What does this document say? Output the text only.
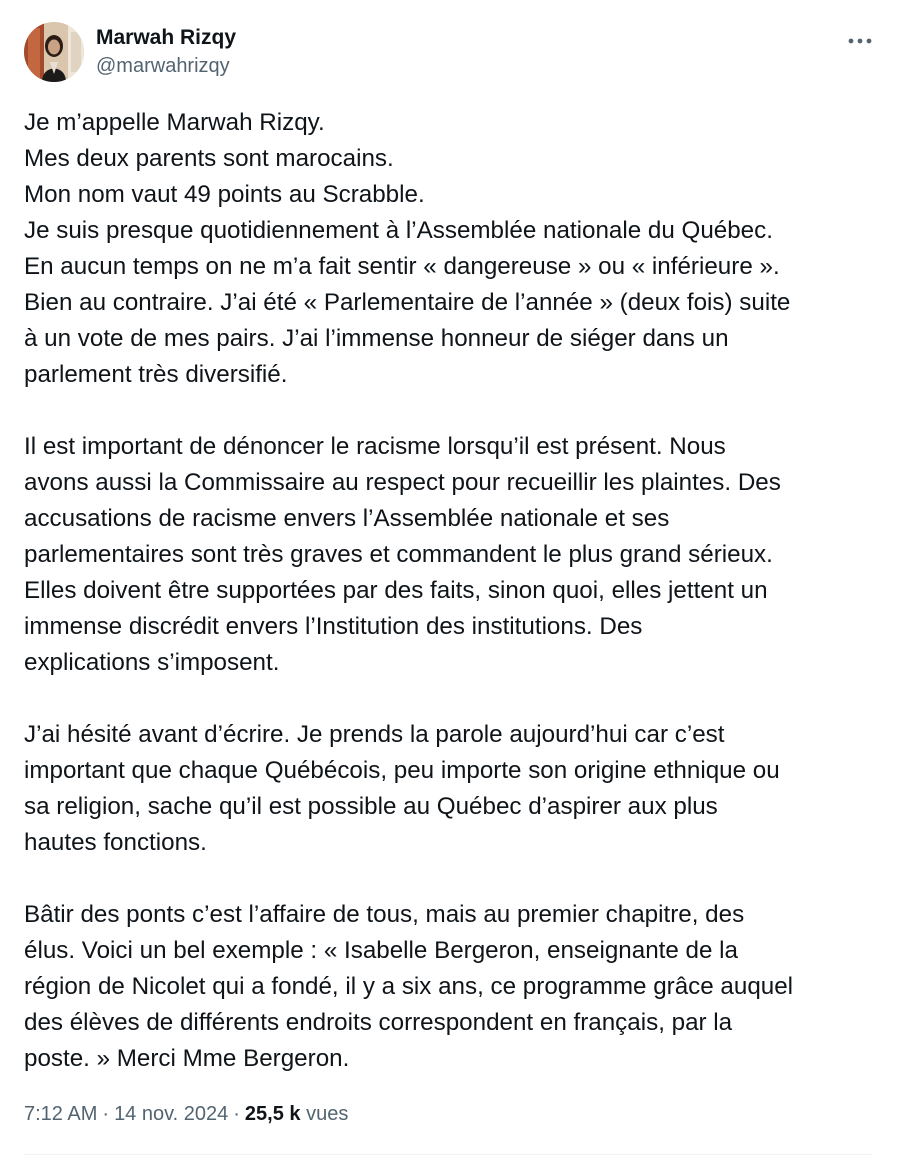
Marwah Rizqy
@marwahrizqy
Je m’appelle Marwah Rizqy.
Mes deux parents sont marocains.
Mon nom vaut 49 points au Scrabble.
Je suis presque quotidiennement à l’Assemblée nationale du Québec.
En aucun temps on ne m’a fait sentir « dangereuse » ou « inférieure ».
Bien au contraire. J’ai été « Parlementaire de l’année » (deux fois) suite
à un vote de mes pairs. J’ai l’immense honneur de siéger dans un
parlement très diversifié.
Il est important de dénoncer le racisme lorsqu’il est présent. Nous
avons aussi la Commissaire au respect pour recueillir les plaintes. Des
accusations de racisme envers l’Assemblée nationale et ses
parlementaires sont très graves et commandent le plus grand sérieux.
Elles doivent être supportées par des faits, sinon quoi, elles jettent un
immense discrédit envers l’Institution des institutions. Des
explications s’imposent.
J’ai hésité avant d’écrire. Je prends la parole aujourd’hui car c’est
important que chaque Québécois, peu importe son origine ethnique ou
sa religion, sache qu’il est possible au Québec d’aspirer aux plus
hautes fonctions.
Bâtir des ponts c’est l’affaire de tous, mais au premier chapitre, des
élus. Voici un bel exemple : « Isabelle Bergeron, enseignante de la
région de Nicolet qui a fondé, il y a six ans, ce programme grâce auquel
des élèves de différents endroits correspondent en français, par la
poste. » Merci Mme Bergeron.
7:12 AM · 14 nov. 2024 · 25,5 k vues
